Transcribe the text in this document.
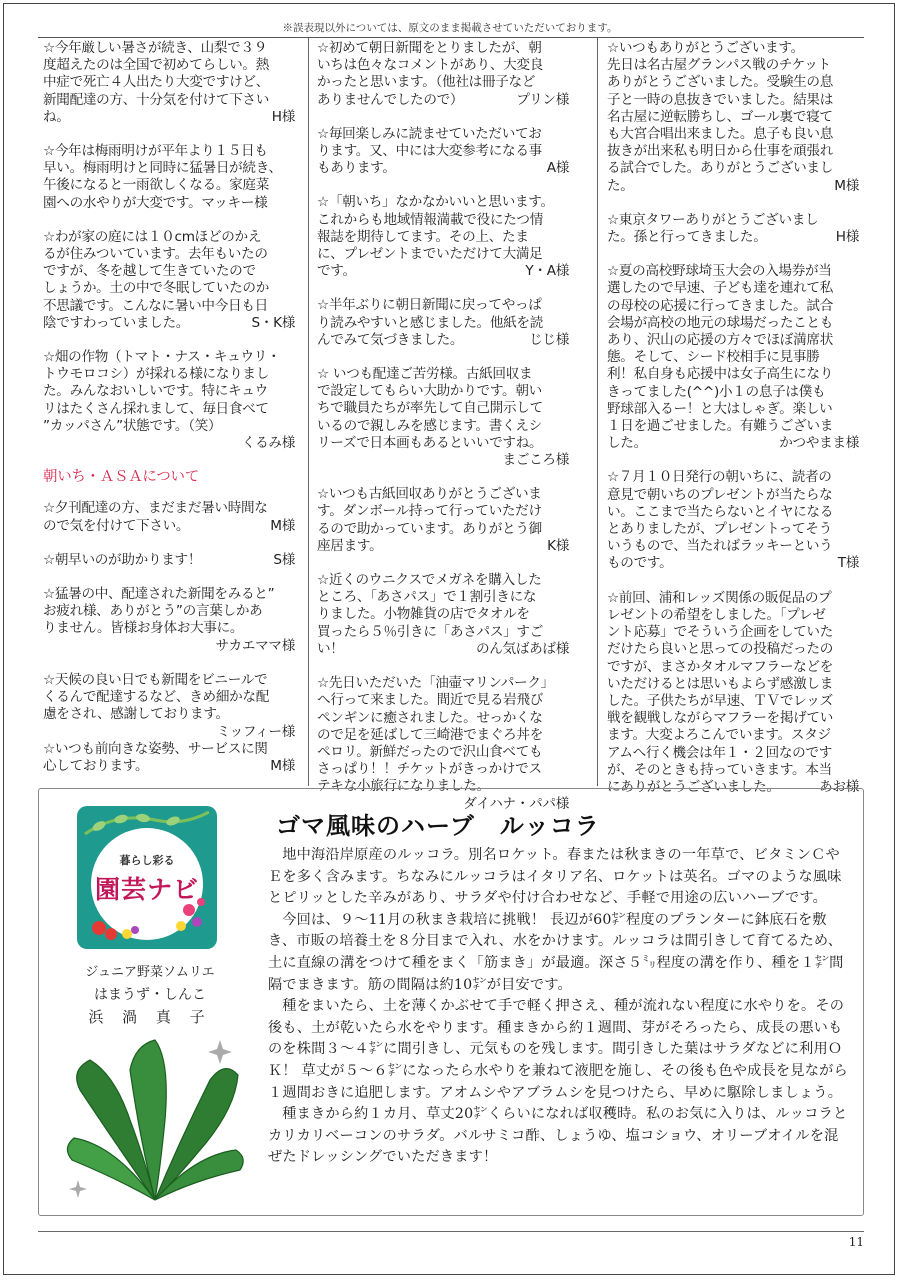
※誤表現以外については、原文のまま掲載させていただいております。

☆今年厳しい暑さが続き、山梨で３９

度超えたのは全国で初めてらしい。熱

中症で死亡４人出たり大変ですけど、

新聞配達の方、十分気を付けて下さい

ね。	H様

☆今年は梅雨明けが平年より１５日も

早い。梅雨明けと同時に猛暑日が続き、

午後になると一雨欲しくなる。家庭菜

園への水やりが大変です。マッキー様

☆わが家の庭には１０cmほどのかえ

るが住みついています。去年もいたの

ですが、冬を越して生きていたので

しょうか。土の中で冬眠していたのか

不思議です。こんなに暑い中今日も日

陰ですわっていました。	S・K様

☆畑の作物（トマト・ナス・キュウリ・

トウモロコシ）が採れる様になりまし

た。みんなおいしいです。特にキュウ

リはたくさん採れまして、毎日食べて

”カッパさん”状態です。（笑）

くるみ様

朝いち・ＡＳＡについて

☆夕刊配達の方、まだまだ暑い時間な

ので気を付けて下さい。	M様

☆朝早いのが助かります！	S様

☆猛暑の中、配達された新聞をみると”

お疲れ様、ありがとう”の言葉しかあ

りません。皆様お身体お大事に。

サカエママ様

☆天候の良い日でも新聞をビニールで

くるんで配達するなど、きめ細かな配

慮をされ、感謝しております。

ミッフィー様

☆いつも前向きな姿勢、サービスに関

心しております。	M様

☆初めて朝日新聞をとりましたが、朝

いちは色々なコメントがあり、大変良

かったと思います。（他社は冊子など

ありませんでしたので）	プリン様

☆毎回楽しみに読ませていただいてお

ります。又、中には大変参考になる事

もあります。	A様

☆「朝いち」なかなかいいと思います。

これからも地域情報満載で役にたつ情

報誌を期待してます。その上、たま

に、プレゼントまでいただけて大満足

です。	Y・A様

☆半年ぶりに朝日新聞に戻ってやっぱ

り読みやすいと感じました。他紙を読

んでみて気づきました。	じじ様

☆ いつも配達ご苦労様。古紙回収ま

で設定してもらい大助かりです。朝い

ちで職員たちが率先して自己開示して

いるので親しみを感じます。書くえシ

リーズで日本画もあるといいですね。

まごころ様

☆いつも古紙回収ありがとうございま

す。ダンボール持って行っていただけ

るので助かっています。ありがとう御

座居ます。	K様

☆近くのウニクスでメガネを購入した

ところ、「あさパス」で１割引きにな

りました。小物雑貨の店でタオルを

買ったら５％引きに「あさパス」すご

い！	のん気ばあば様

☆先日いただいた「油壷マリンパーク」

へ行って来ました。間近で見る岩飛び

ペンギンに癒されました。せっかくな

ので足を延ばして三崎港でまぐろ丼を

ペロリ。新鮮だったので沢山食べても

さっぱり！！チケットがきっかけでス

テキな小旅行になりました。

ダイハナ・パパ様

☆いつもありがとうございます。

先日は名古屋グランパス戦のチケット

ありがとうございました。受験生の息

子と一時の息抜きでいました。結果は

名古屋に逆転勝ちし、ゴール裏で寝て

も大宮合唱出来ました。息子も良い息

抜きが出来私も明日から仕事を頑張れ

る試合でした。ありがとうございまし

た。	M様

☆東京タワーありがとうございまし

た。孫と行ってきました。	H様

☆夏の高校野球埼玉大会の入場券が当

選したので早速、子ども達を連れて私

の母校の応援に行ってきました。試合

会場が高校の地元の球場だったことも

あり、沢山の応援の方々でほぼ満席状

態。そして、シード校相手に見事勝

利！私自身も応援中は女子高生になり

きってました(^^)小１の息子は僕も

野球部入るー！と大はしゃぎ。楽しい

１日を過ごせました。有難うございま

した。	かつやまま様

☆７月１０日発行の朝いちに、読者の

意見で朝いちのプレゼントが当たらな

い。ここまで当たらないとイヤになる

とありましたが、プレゼントってそう

いうもので、当たればラッキーという

ものです。	T様

☆前回、浦和レッズ関係の販促品のプ

レゼントの希望をしました。「プレゼ

ント応募」でそういう企画をしていた

だけたら良いと思っての投稿だったの

ですが、まさかタオルマフラーなどを

いただけるとは思いもよらず感激しま

した。子供たちが早速、ＴＶでレッズ

戦を観戦しながらマフラーを掲げてい

ます。大変よろこんでいます。スタジ

アムへ行く機会は年１・２回なのです

が、そのときも持っていきます。本当

にありがとうございました。	あお様

暮らし彩る
園芸ナビ
ジュニア野菜ソムリエ
はまうず・しんこ
浜 渦 真 子
ゴマ風味のハーブ　ルッコラ

地中海沿岸原産のルッコラ。別名ロケット。春または秋まきの一年草で、ビタミンＣやＥを多く含みます。ちなみにルッコラはイタリア名、ロケットは英名。ゴマのような風味とピリッとした辛みがあり、サラダや付け合わせなど、手軽で用途の広いハーブです。

今回は、９～11月の秋まき栽培に挑戦！ 長辺が60㌢程度のプランターに鉢底石を敷き、市販の培養土を８分目まで入れ、水をかけます。ルッコラは間引きして育てるため、土に直線の溝をつけて種をまく「筋まき」が最適。深さ５㍉程度の溝を作り、種を１㌢間隔でまきます。筋の間隔は約10㌢が目安です。

種をまいたら、土を薄くかぶせて手で軽く押さえ、種が流れない程度に水やりを。その後も、土が乾いたら水をやります。種まきから約１週間、芽がそろったら、成長の悪いものを株間３～４㌢に間引きし、元気ものを残します。間引きした葉はサラダなどに利用ＯＫ！ 草丈が５～６㌢になったら水やりを兼ねて液肥を施し、その後も色や成長を見ながら１週間おきに追肥します。アオムシやアブラムシを見つけたら、早めに駆除しましょう。

種まきから約１カ月、草丈20㌢くらいになれば収穫時。私のお気に入りは、ルッコラとカリカリベーコンのサラダ。バルサミコ酢、しょうゆ、塩コショウ、オリーブオイルを混ぜたドレッシングでいただきます！

11
